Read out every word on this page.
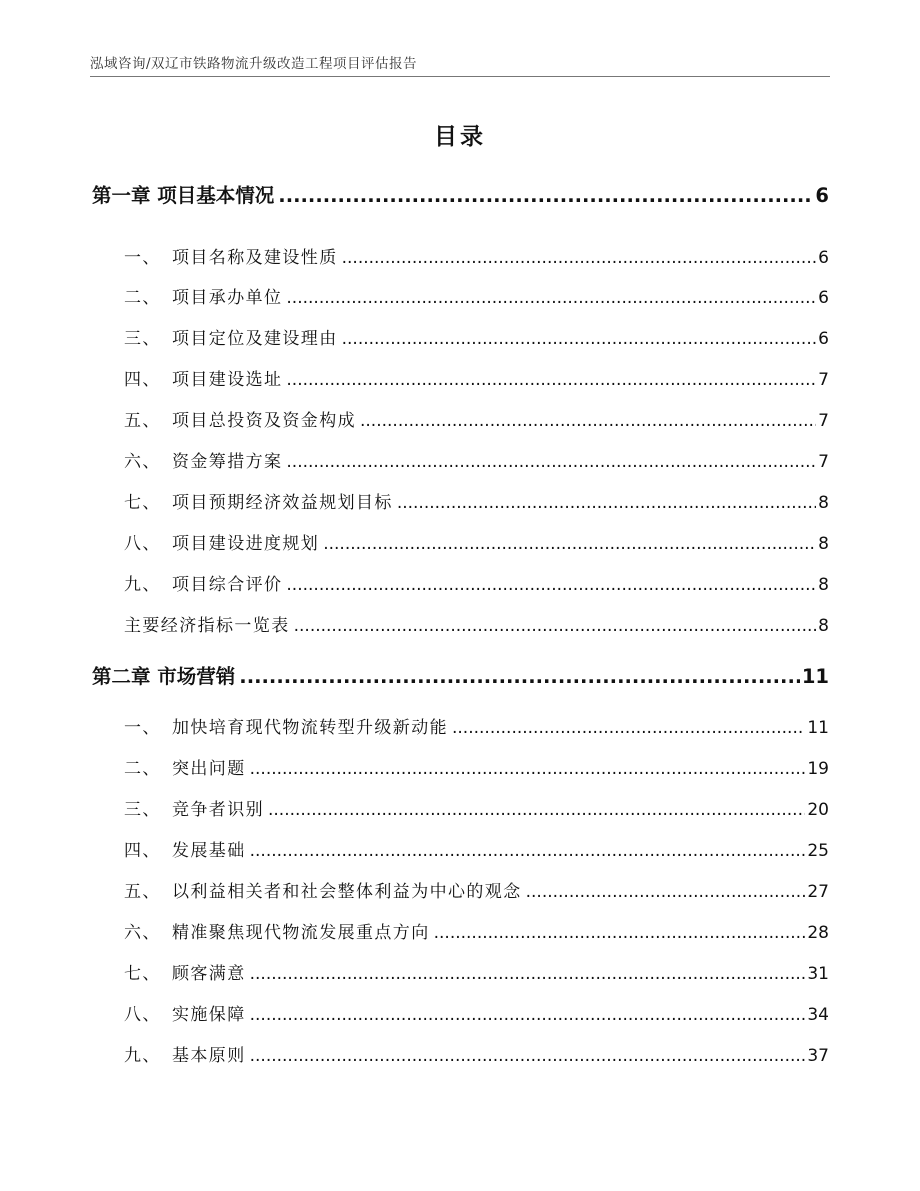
泓域咨询/双辽市铁路物流升级改造工程项目评估报告
目录
第一章 项目基本情况 .....	6
一、 项目名称及建设性质 .....	6
二、 项目承办单位 .....	6
三、 项目定位及建设理由 .....	6
四、 项目建设选址 .....	7
五、 项目总投资及资金构成 .....	7
六、 资金筹措方案 .....	7
七、 项目预期经济效益规划目标 .....	8
八、 项目建设进度规划 .....	8
九、 项目综合评价 .....	8
主要经济指标一览表 .....	8
第二章 市场营销 .....	11
一、 加快培育现代物流转型升级新动能 .....	11
二、 突出问题 .....	19
三、 竞争者识别 .....	20
四、 发展基础 .....	25
五、 以利益相关者和社会整体利益为中心的观念 .....	27
六、 精准聚焦现代物流发展重点方向 .....	28
七、 顾客满意 .....	31
八、 实施保障 .....	34
九、 基本原则 .....	37
